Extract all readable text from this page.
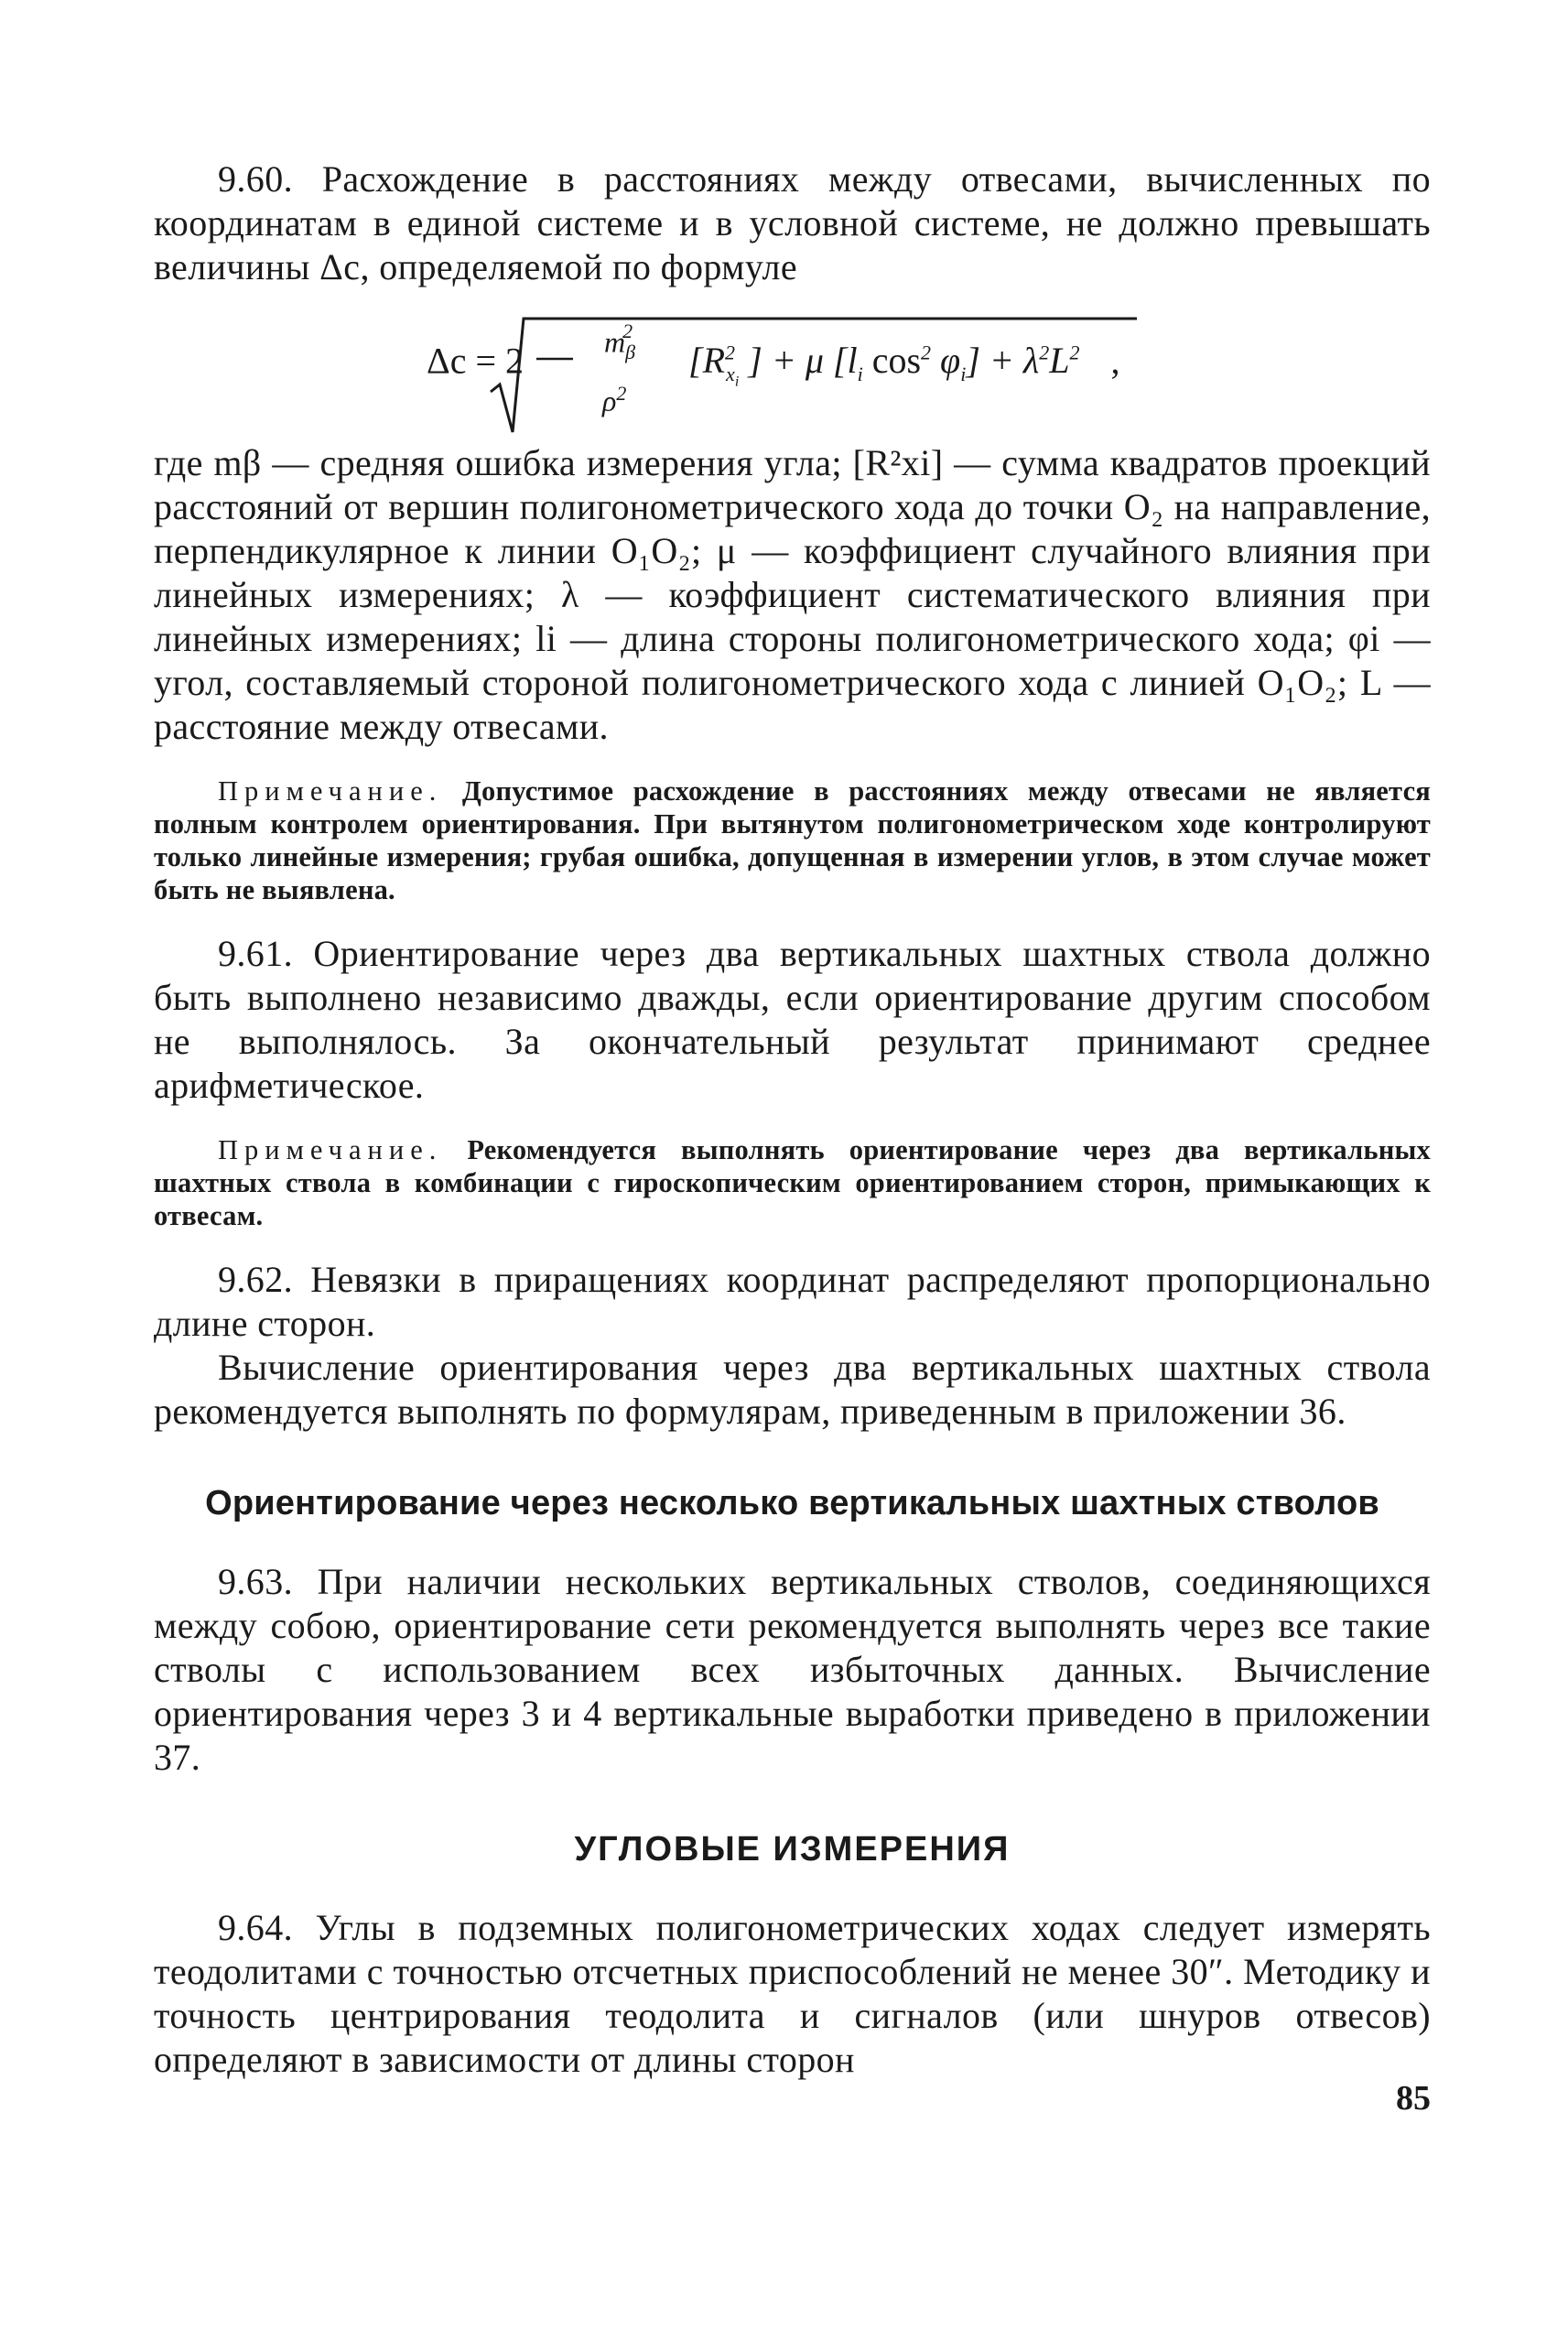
9.60. Расхождение в расстояниях между отвесами, вычисленных по координатам в единой системе и в условной системе, не должно превышать величины Δc, определяемой по формуле

Δc = 2	$m_\beta^2$
$\rho^2$
$[R^2_{x_i}] + \mu$ [$l_i$ $\cos^2 \varphi_i] + \lambda^2L^2$ ,

где mβ — средняя ошибка измерения угла; [R²xi] — сумма квадратов проекций расстояний от вершин полигонометрического хода до точки O₂ на направление, перпендикулярное к линии O₁O₂; μ — коэффициент случайного влияния при линейных измерениях; λ — коэффициент систематического влияния при линейных измерениях; li — длина стороны полигонометрического хода; φi — угол, составляемый стороной полигонометрического хода с линией O₁O₂; L — расстояние между отвесами.

Примечание. Допустимое расхождение в расстояниях между отвесами не является полным контролем ориентирования. При вытянутом полигонометрическом ходе контролируют только линейные измерения; грубая ошибка, допущенная в измерении углов, в этом случае может быть не выявлена.

9.61. Ориентирование через два вертикальных шахтных ствола должно быть выполнено независимо дважды, если ориентирование другим способом не выполнялось. За окончательный результат принимают среднее арифметическое.

Примечание. Рекомендуется выполнять ориентирование через два вертикальных шахтных ствола в комбинации с гироскопическим ориентированием сторон, примыкающих к отвесам.

9.62. Невязки в приращениях координат распределяют пропорционально длине сторон.

Вычисление ориентирования через два вертикальных шахтных ствола рекомендуется выполнять по формулярам, приведенным в приложении 36.

Ориентирование через несколько вертикальных шахтных стволов

9.63. При наличии нескольких вертикальных стволов, соединяющихся между собою, ориентирование сети рекомендуется выполнять через все такие стволы с использованием всех избыточных данных. Вычисление ориентирования через 3 и 4 вертикальные выработки приведено в приложении 37.

УГЛОВЫЕ ИЗМЕРЕНИЯ

9.64. Углы в подземных полигонометрических ходах следует измерять теодолитами с точностью отсчетных приспособлений не менее 30″. Методику и точность центрирования теодолита и сигналов (или шнуров отвесов) определяют в зависимости от длины сторон

85
